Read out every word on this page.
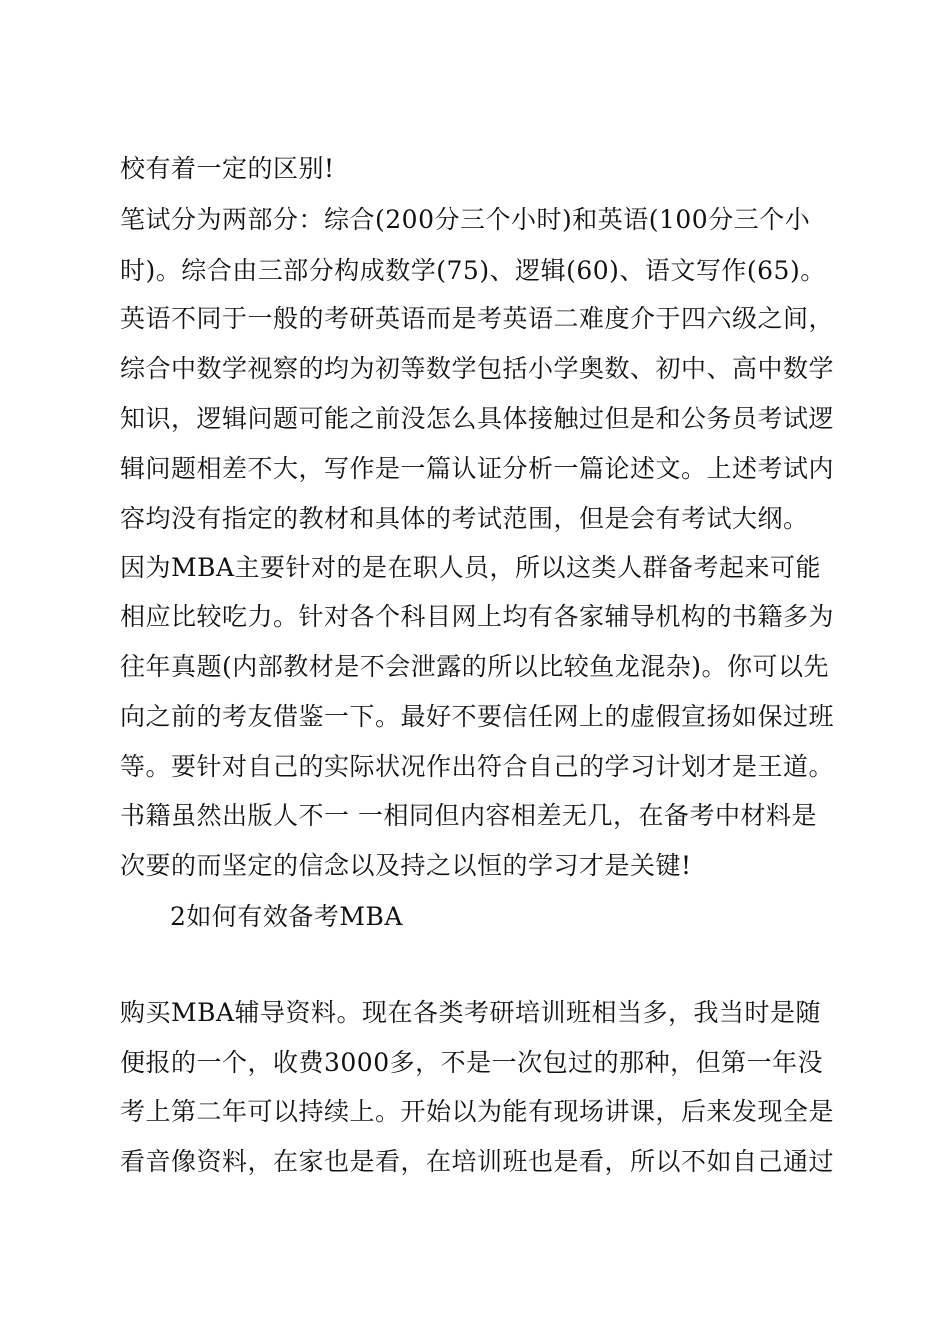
校有着一定的区别!
笔试分为两部分：综合(200分三个小时)和英语(100分三个小
时)。综合由三部分构成数学(75)、逻辑(60)、语文写作(65)。
英语不同于一般的考研英语而是考英语二难度介于四六级之间，
综合中数学视察的均为初等数学包括小学奥数、初中、高中数学
知识，逻辑问题可能之前没怎么具体接触过但是和公务员考试逻
辑问题相差不大，写作是一篇认证分析一篇论述文。上述考试内
容均没有指定的教材和具体的考试范围，但是会有考试大纲。
因为MBA主要针对的是在职人员，所以这类人群备考起来可能
相应比较吃力。针对各个科目网上均有各家辅导机构的书籍多为
往年真题(内部教材是不会泄露的所以比较鱼龙混杂)。你可以先
向之前的考友借鉴一下。最好不要信任网上的虚假宣扬如保过班
等。要针对自己的实际状况作出符合自己的学习计划才是王道。
书籍虽然出版人不一 一相同但内容相差无几，在备考中材料是
次要的而坚定的信念以及持之以恒的学习才是关键!
2如何有效备考MBA
购买MBA辅导资料。现在各类考研培训班相当多，我当时是随
便报的一个，收费3000多，不是一次包过的那种，但第一年没
考上第二年可以持续上。开始以为能有现场讲课，后来发现全是
看音像资料，在家也是看，在培训班也是看，所以不如自己通过
